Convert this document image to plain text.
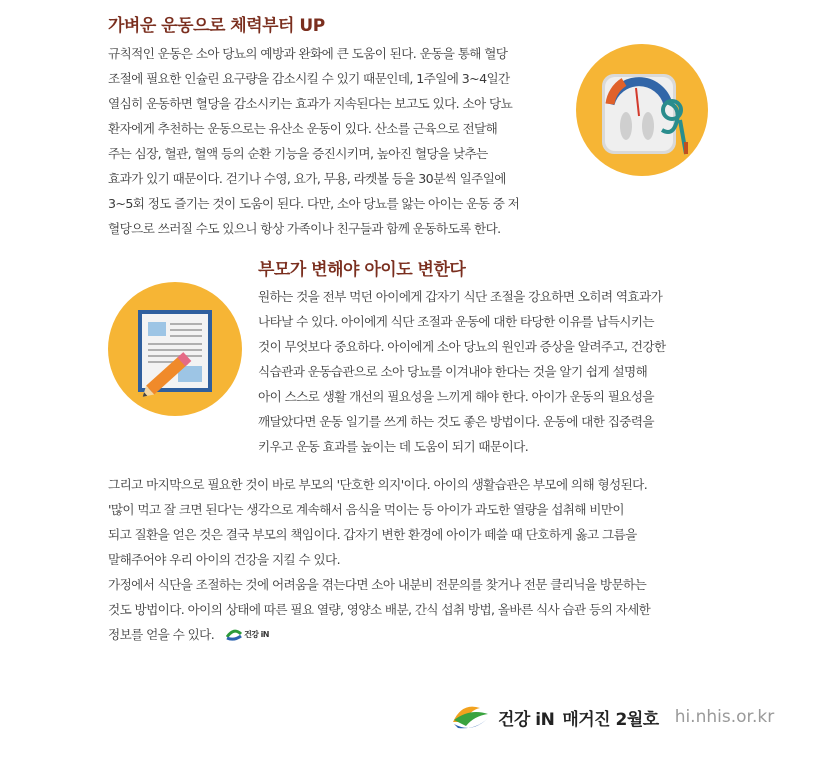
가벼운 운동으로 체력부터 UP
규칙적인 운동은 소아 당뇨의 예방과 완화에 큰 도움이 된다. 운동을 통해 혈당
조절에 필요한 인슐린 요구량을 감소시킬 수 있기 때문인데, 1주일에 3~4일간
열심히 운동하면 혈당을 감소시키는 효과가 지속된다는 보고도 있다. 소아 당뇨
환자에게 추천하는 운동으로는 유산소 운동이 있다. 산소를 근육으로 전달해
주는 심장, 혈관, 혈액 등의 순환 기능을 증진시키며, 높아진 혈당을 낮추는
효과가 있기 때문이다. 걷기나 수영, 요가, 무용, 라켓볼 등을 30분씩 일주일에
3~5회 정도 즐기는 것이 도움이 된다. 다만, 소아 당뇨를 앓는 아이는 운동 중 저
혈당으로 쓰러질 수도 있으니 항상 가족이나 친구들과 함께 운동하도록 한다.
부모가 변해야 아이도 변한다
원하는 것을 전부 먹던 아이에게 갑자기 식단 조절을 강요하면 오히려 역효과가
나타날 수 있다. 아이에게 식단 조절과 운동에 대한 타당한 이유를 납득시키는
것이 무엇보다 중요하다. 아이에게 소아 당뇨의 원인과 증상을 알려주고, 건강한
식습관과 운동습관으로 소아 당뇨를 이겨내야 한다는 것을 알기 쉽게 설명해
아이 스스로 생활 개선의 필요성을 느끼게 해야 한다. 아이가 운동의 필요성을
깨달았다면 운동 일기를 쓰게 하는 것도 좋은 방법이다. 운동에 대한 집중력을
키우고 운동 효과를 높이는 데 도움이 되기 때문이다.
그리고 마지막으로 필요한 것이 바로 부모의 '단호한 의지'이다. 아이의 생활습관은 부모에 의해 형성된다.
'많이 먹고 잘 크면 된다'는 생각으로 계속해서 음식을 먹이는 등 아이가 과도한 열량을 섭취해 비만이
되고 질환을 얻은 것은 결국 부모의 책임이다. 갑자기 변한 환경에 아이가 떼쓸 때 단호하게 옳고 그름을
말해주어야 우리 아이의 건강을 지킬 수 있다.
가정에서 식단을 조절하는 것에 어려움을 겪는다면 소아 내분비 전문의를 찾거나 전문 클리닉을 방문하는
것도 방법이다. 아이의 상태에 따른 필요 열량, 영양소 배분, 간식 섭취 방법, 올바른 식사 습관 등의 자세한
정보를 얻을 수 있다.	건강 iN
건강 iN 매거진 2월호 hi.nhis.or.kr
